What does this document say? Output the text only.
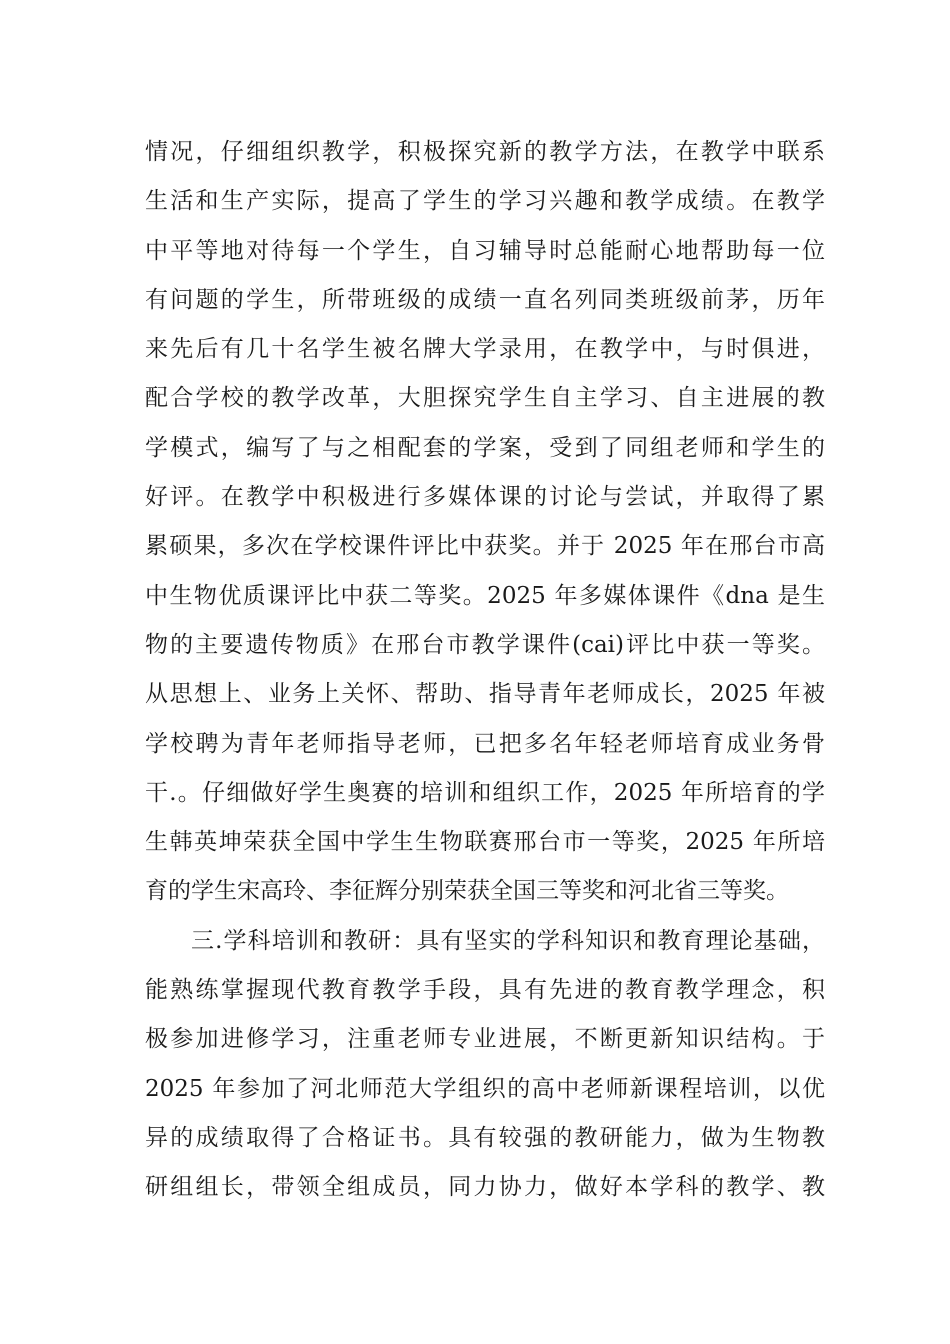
情况，仔细组织教学，积极探究新的教学方法，在教学中联系
生活和生产实际，提高了学生的学习兴趣和教学成绩。在教学
中平等地对待每一个学生，自习辅导时总能耐心地帮助每一位
有问题的学生，所带班级的成绩一直名列同类班级前茅，历年
来先后有几十名学生被名牌大学录用，在教学中，与时俱进，
配合学校的教学改革，大胆探究学生自主学习、自主进展的教
学模式，编写了与之相配套的学案，受到了同组老师和学生的
好评。在教学中积极进行多媒体课的讨论与尝试，并取得了累
累硕果，多次在学校课件评比中获奖。并于 2025 年在邢台市高
中生物优质课评比中获二等奖。2025 年多媒体课件《dna 是生
物的主要遗传物质》在邢台市教学课件(cai)评比中获一等奖。
从思想上、业务上关怀、帮助、指导青年老师成长，2025 年被
学校聘为青年老师指导老师，已把多名年轻老师培育成业务骨
干.。仔细做好学生奥赛的培训和组织工作，2025 年所培育的学
生韩英坤荣获全国中学生生物联赛邢台市一等奖，2025 年所培
育的学生宋高玲、李征辉分别荣获全国三等奖和河北省三等奖。
三.学科培训和教研：具有坚实的学科知识和教育理论基础，
能熟练掌握现代教育教学手段，具有先进的教育教学理念，积
极参加进修学习，注重老师专业进展，不断更新知识结构。于
2025 年参加了河北师范大学组织的高中老师新课程培训，以优
异的成绩取得了合格证书。具有较强的教研能力，做为生物教
研组组长，带领全组成员，同力协力，做好本学科的教学、教
